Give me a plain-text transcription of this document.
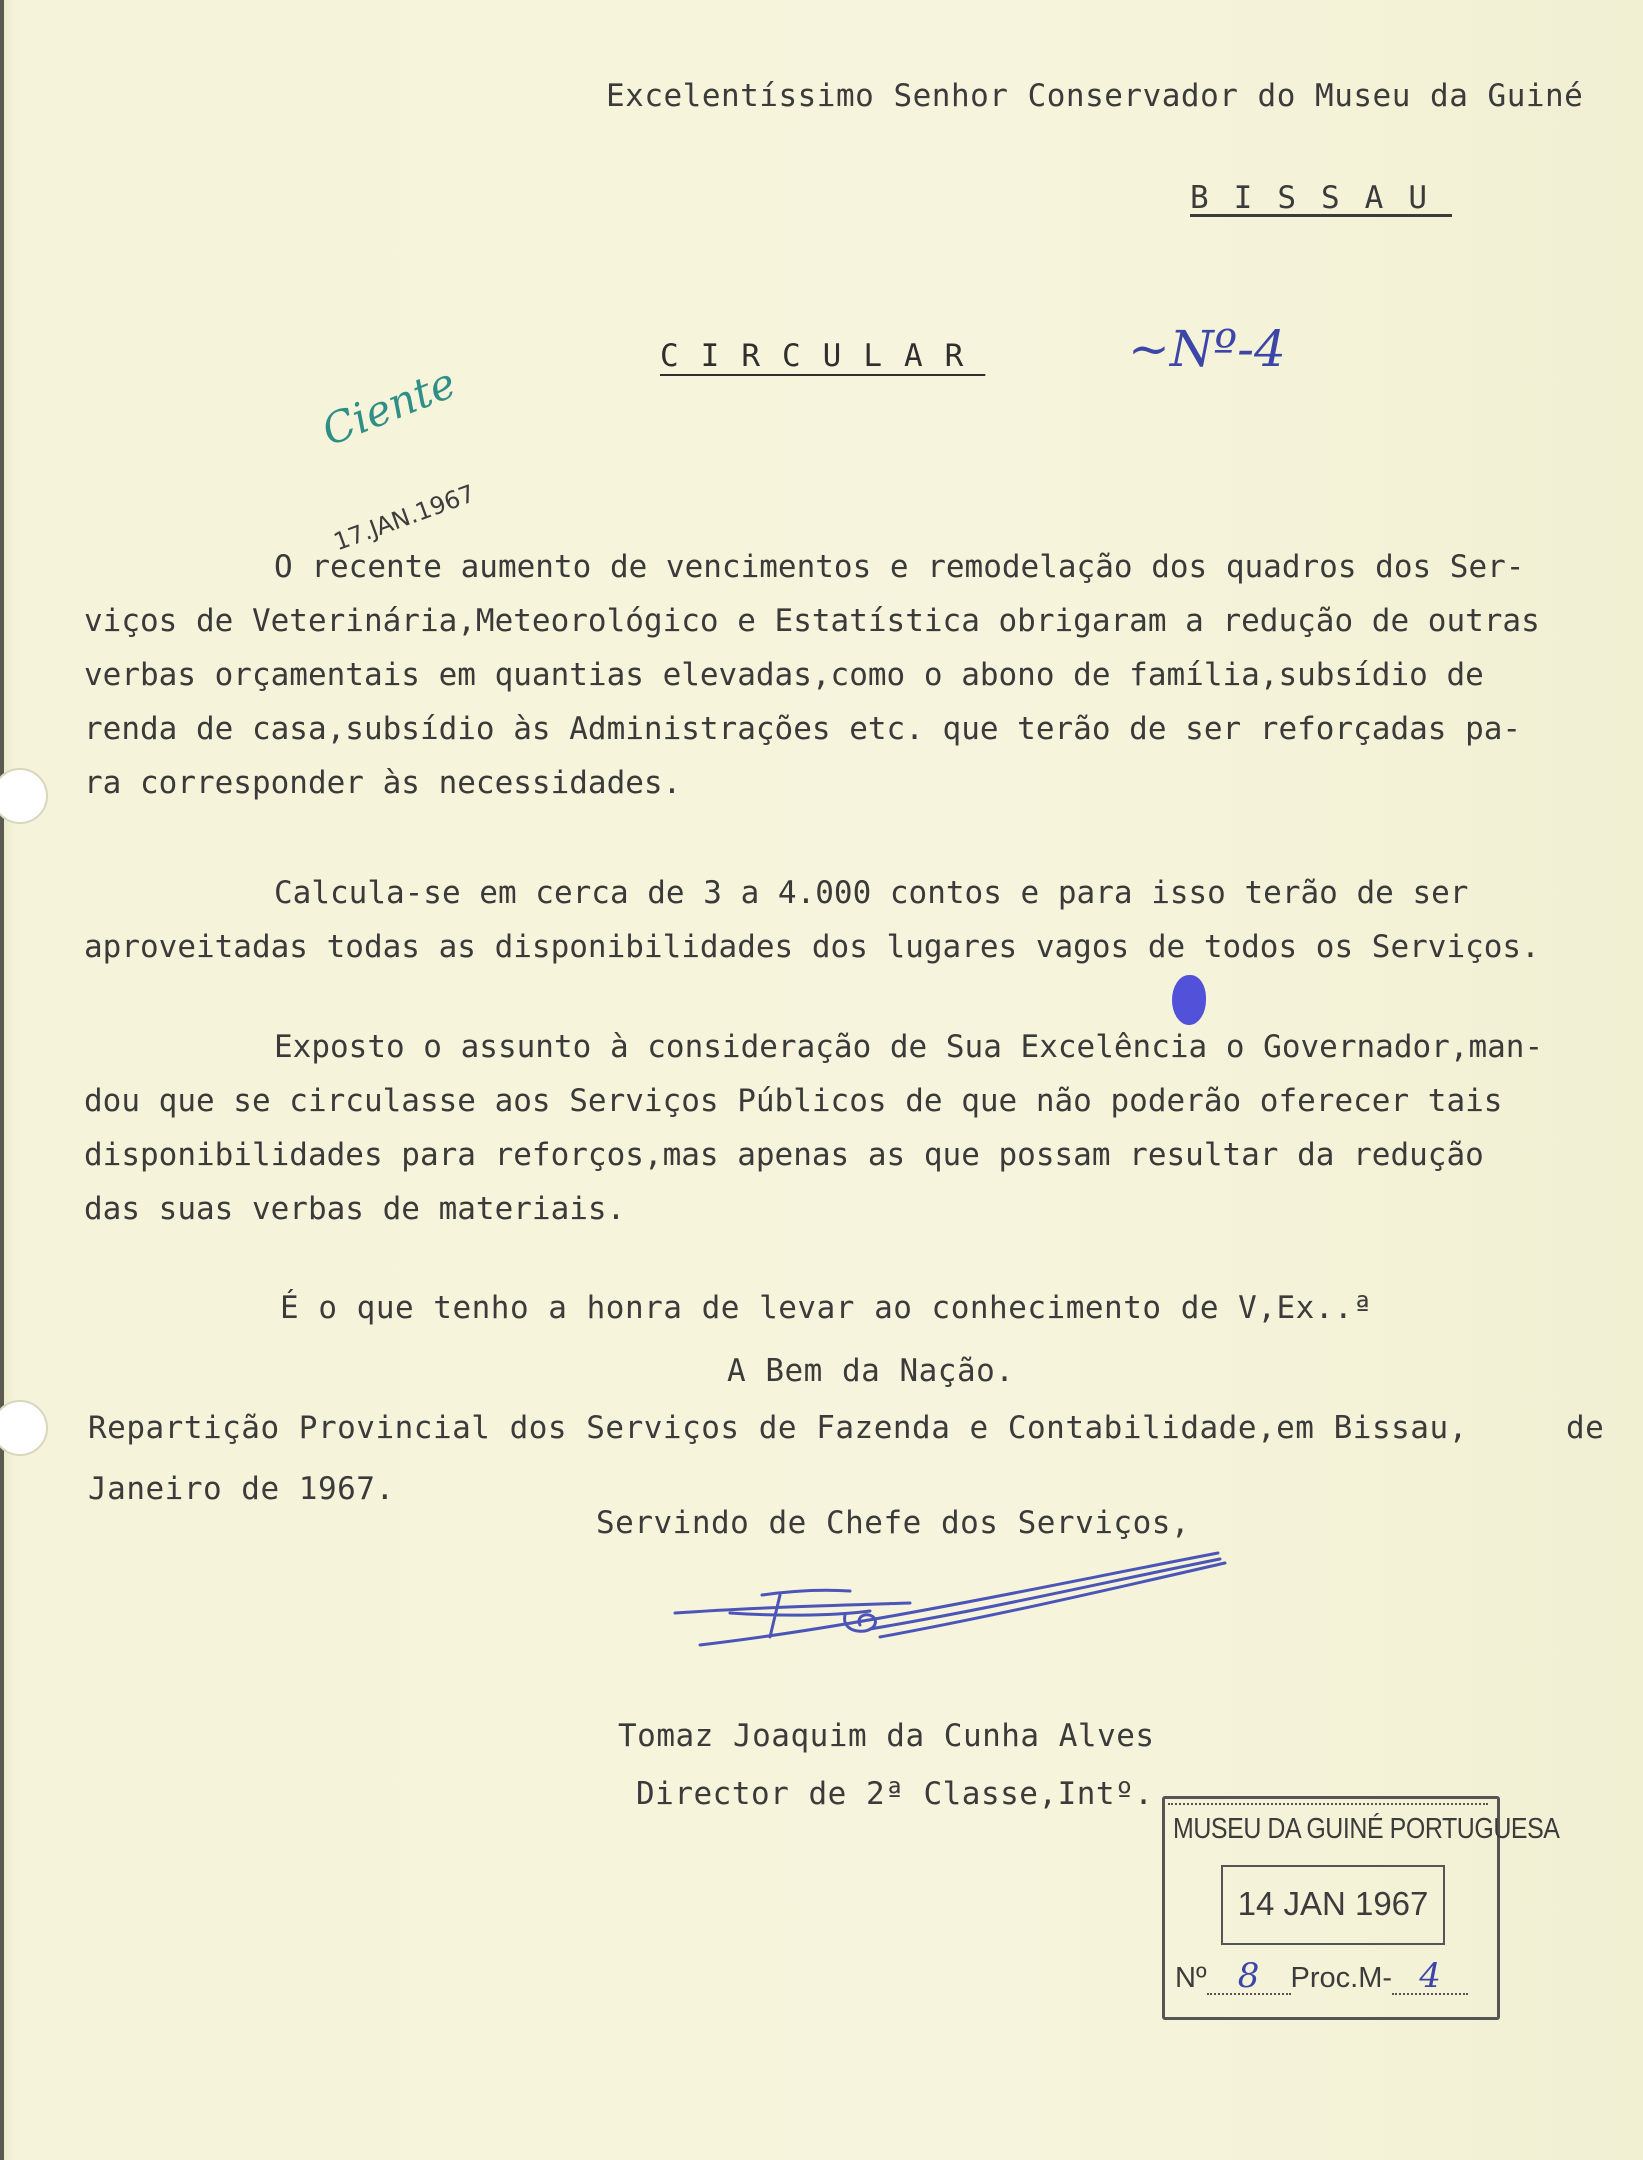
Excelentíssimo Senhor Conservador do Museu da Guiné
BISSAU
CIRCULAR	~Nº-4
Ciente
17.JAN.1967
O recente aumento de vencimentos e remodelação dos quadros dos Ser-
viços de Veterinária,Meteorológico e Estatística obrigaram a redução de outras
verbas orçamentais em quantias elevadas,como o abono de família,subsídio de
renda de casa,subsídio às Administrações etc. que terão de ser reforçadas pa-
ra corresponder às necessidades.
Calcula-se em cerca de 3 a 4.000 contos e para isso terão de ser
aproveitadas todas as disponibilidades dos lugares vagos de todos os Serviços.
Exposto o assunto à consideração de Sua Excelência o Governador,man-
dou que se circulasse aos Serviços Públicos de que não poderão oferecer tais
disponibilidades para reforços,mas apenas as que possam resultar da redução
das suas verbas de materiais.
É o que tenho a honra de levar ao conhecimento de V,Ex..ª
A Bem da Nação.
Repartição Provincial dos Serviços de Fazenda e Contabilidade,em Bissau,	de
Janeiro de 1967.
Servindo de Chefe dos Serviços,
Tomaz Joaquim da Cunha Alves
Director de 2ª Classe,Intº.
MUSEU DA GUINÉ PORTUGUESA
14 JAN 1967
Nº 8 Proc.M- 4
